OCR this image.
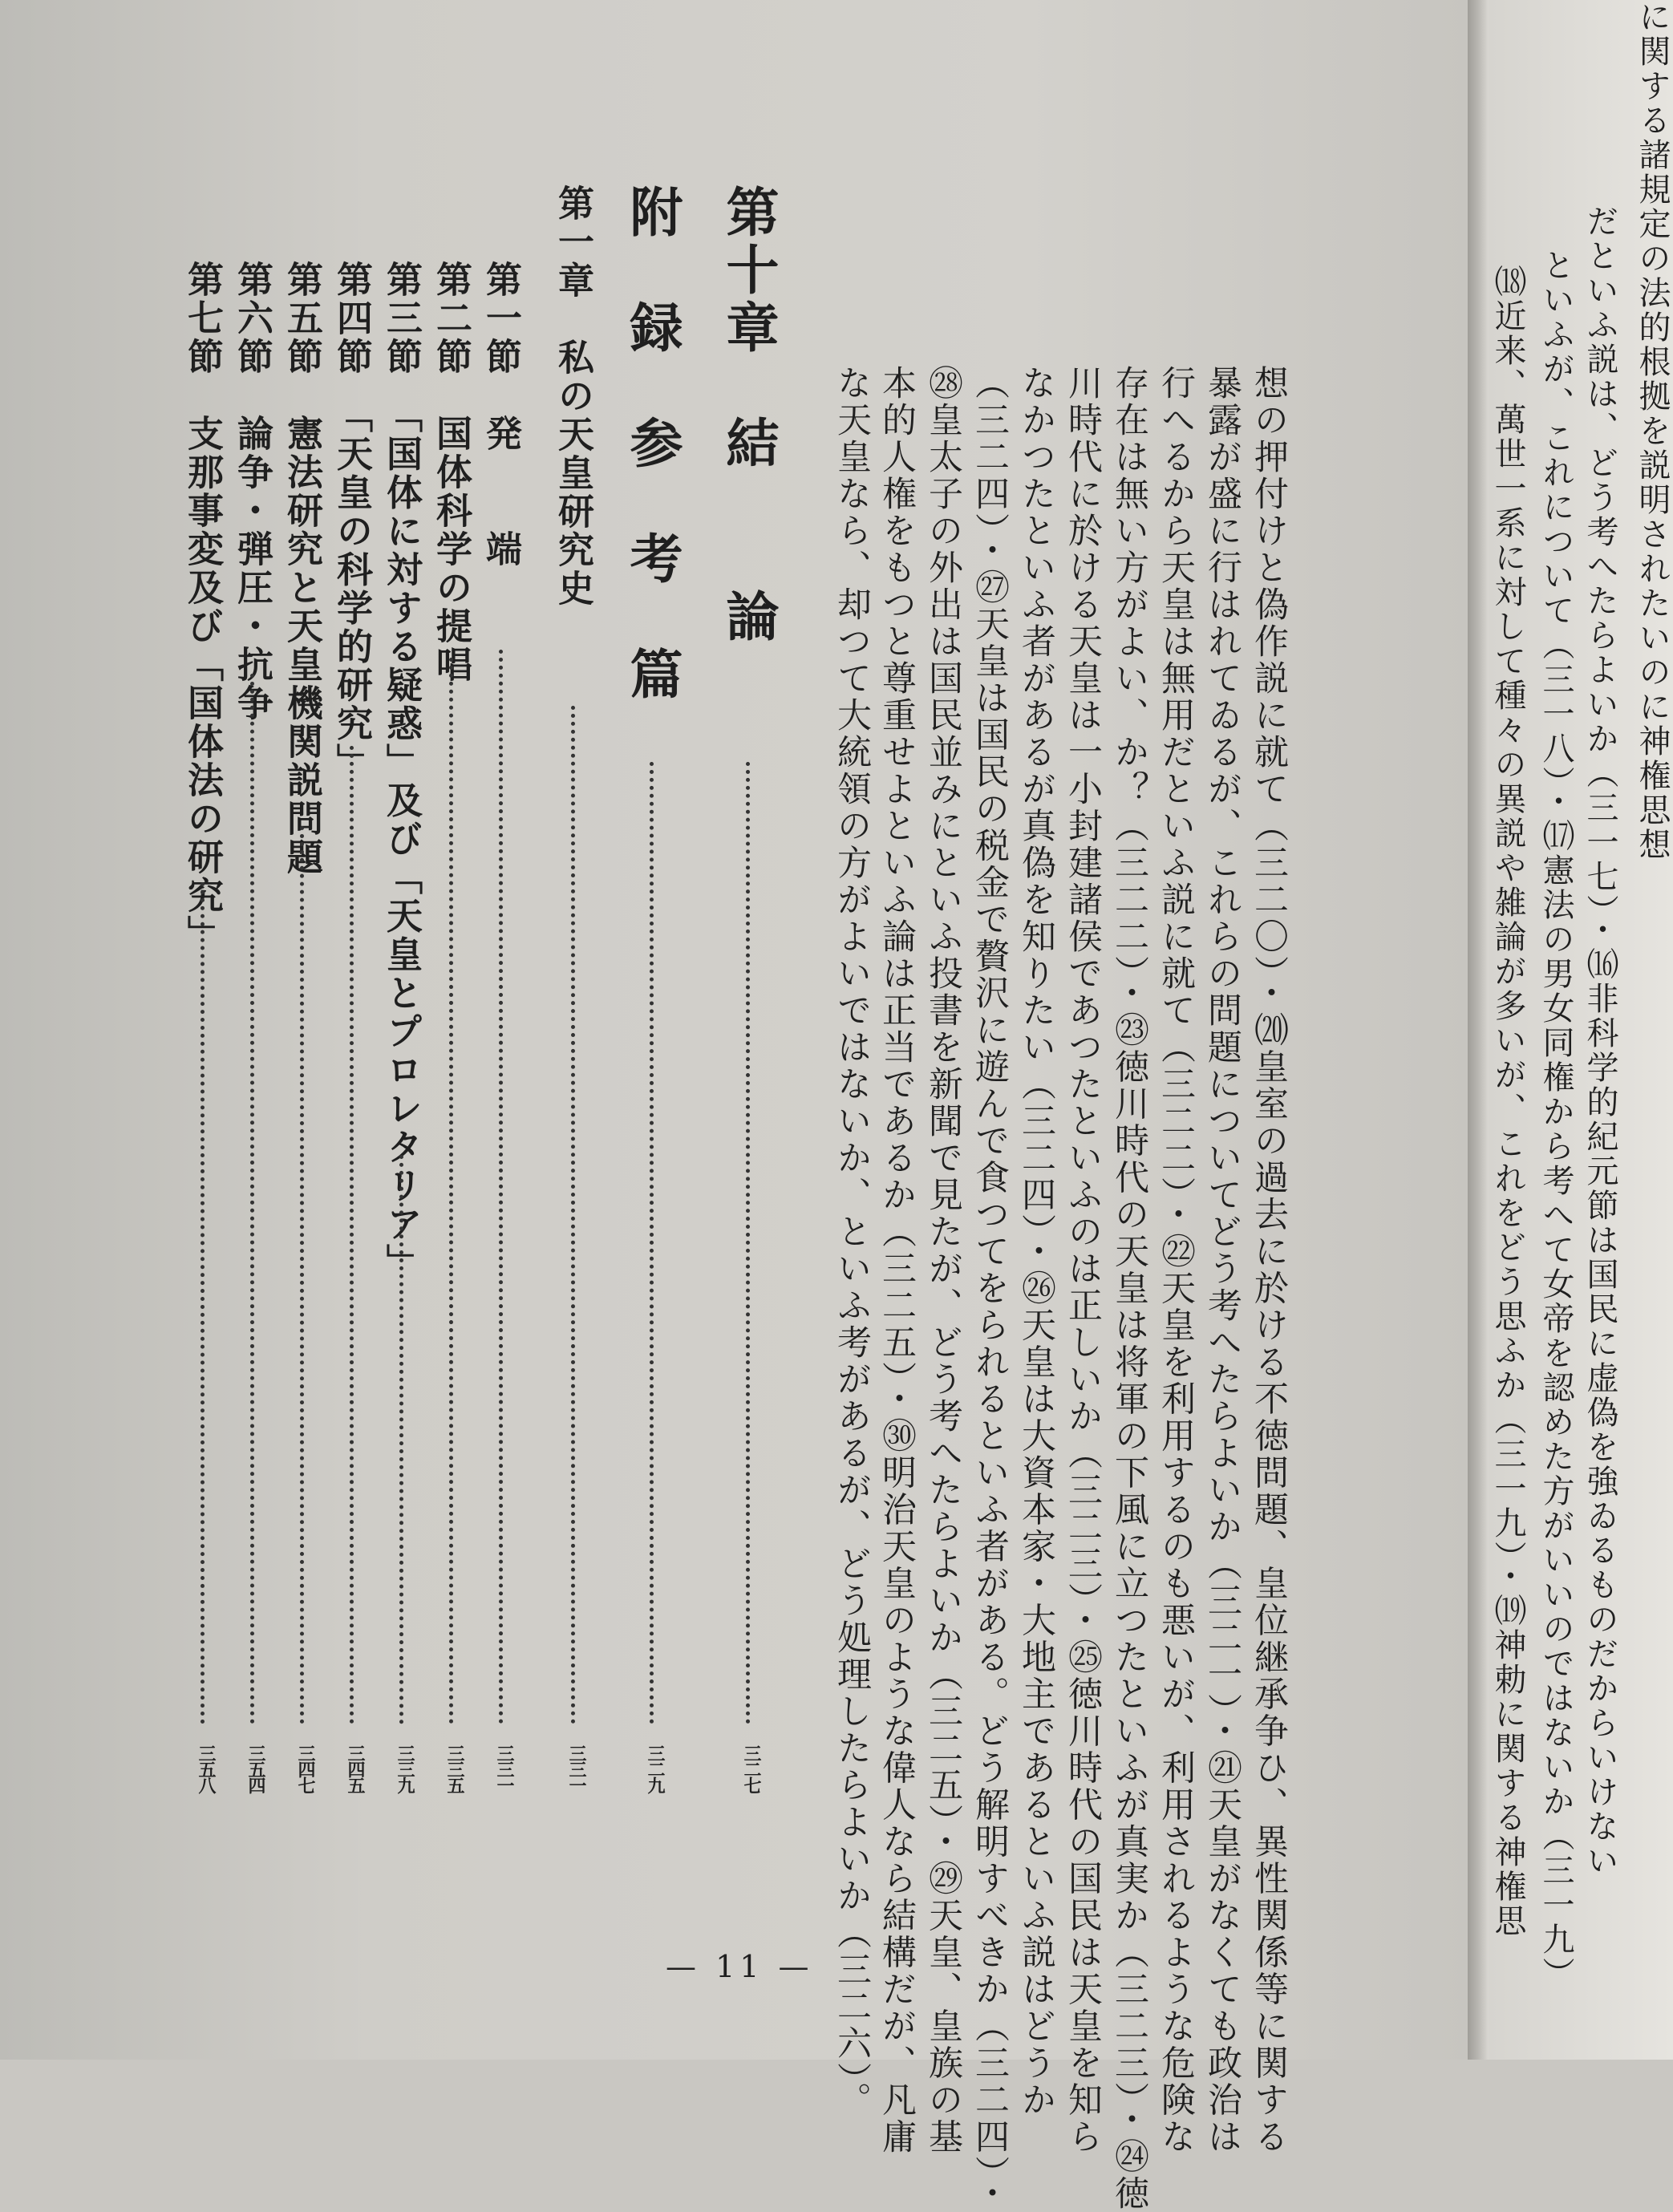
に関する諸規定の法的根拠を説明されたいのに神権思想
だといふ説は、どう考へたらよいか（三一七）・⒃非科学的紀元節は国民に虚偽を強ゐるものだからいけない
といふが、これについて（三一八）・⒄憲法の男女同権から考へて女帝を認めた方がいいのではないか（三一九）
⒅近来、萬世一系に対して種々の異説や雑論が多いが、これをどう思ふか（三一九）・⒆神勅に関する神権思
想の押付けと偽作説に就て（三二〇）・⒇皇室の過去に於ける不徳問題、皇位継承争ひ、異性関係等に関する
暴露が盛に行はれてゐるが、これらの問題についてどう考へたらよいか（三二一）・㉑天皇がなくても政治は
行へるから天皇は無用だといふ説に就て（三二二）・㉒天皇を利用するのも悪いが、利用されるような危険な
存在は無い方がよい、か？（三二二）・㉓徳川時代の天皇は将軍の下風に立つたといふが真実か（三二三）・㉔徳
川時代に於ける天皇は一小封建諸侯であつたといふのは正しいか（三二三）・㉕徳川時代の国民は天皇を知ら
なかつたといふ者があるが真偽を知りたい（三二四）・㉖天皇は大資本家・大地主であるといふ説はどうか
（三二四）・㉗天皇は国民の税金で贅沢に遊んで食つてをられるといふ者がある。どう解明すべきか（三二四）・
㉘皇太子の外出は国民並みにといふ投書を新聞で見たが、どう考へたらよいか（三二五）・㉙天皇、皇族の基
本的人権をもつと尊重せよといふ論は正当であるか（三二五）・㉚明治天皇のような偉人なら結構だが、凡庸
な天皇なら、却つて大統領の方がよいではないか、といふ考があるが、どう処理したらよいか（三二六）。
第十章　結　　論
三二七
附　録　参　考　篇
三二九
第一章　私の天皇研究史
三三一
第一節　発　　端
三三一
第二節　国体科学の提唱
三三五
第三節　「国体に対する疑惑」及び「天皇とプロレタリア」
三三九
第四節　「天皇の科学的研究」
三四五
第五節　憲法研究と天皇機関説問題
三四七
第六節　論争・弾圧・抗争
三五四
第七節　支那事変及び「国体法の研究」
三五八
— 11 —
